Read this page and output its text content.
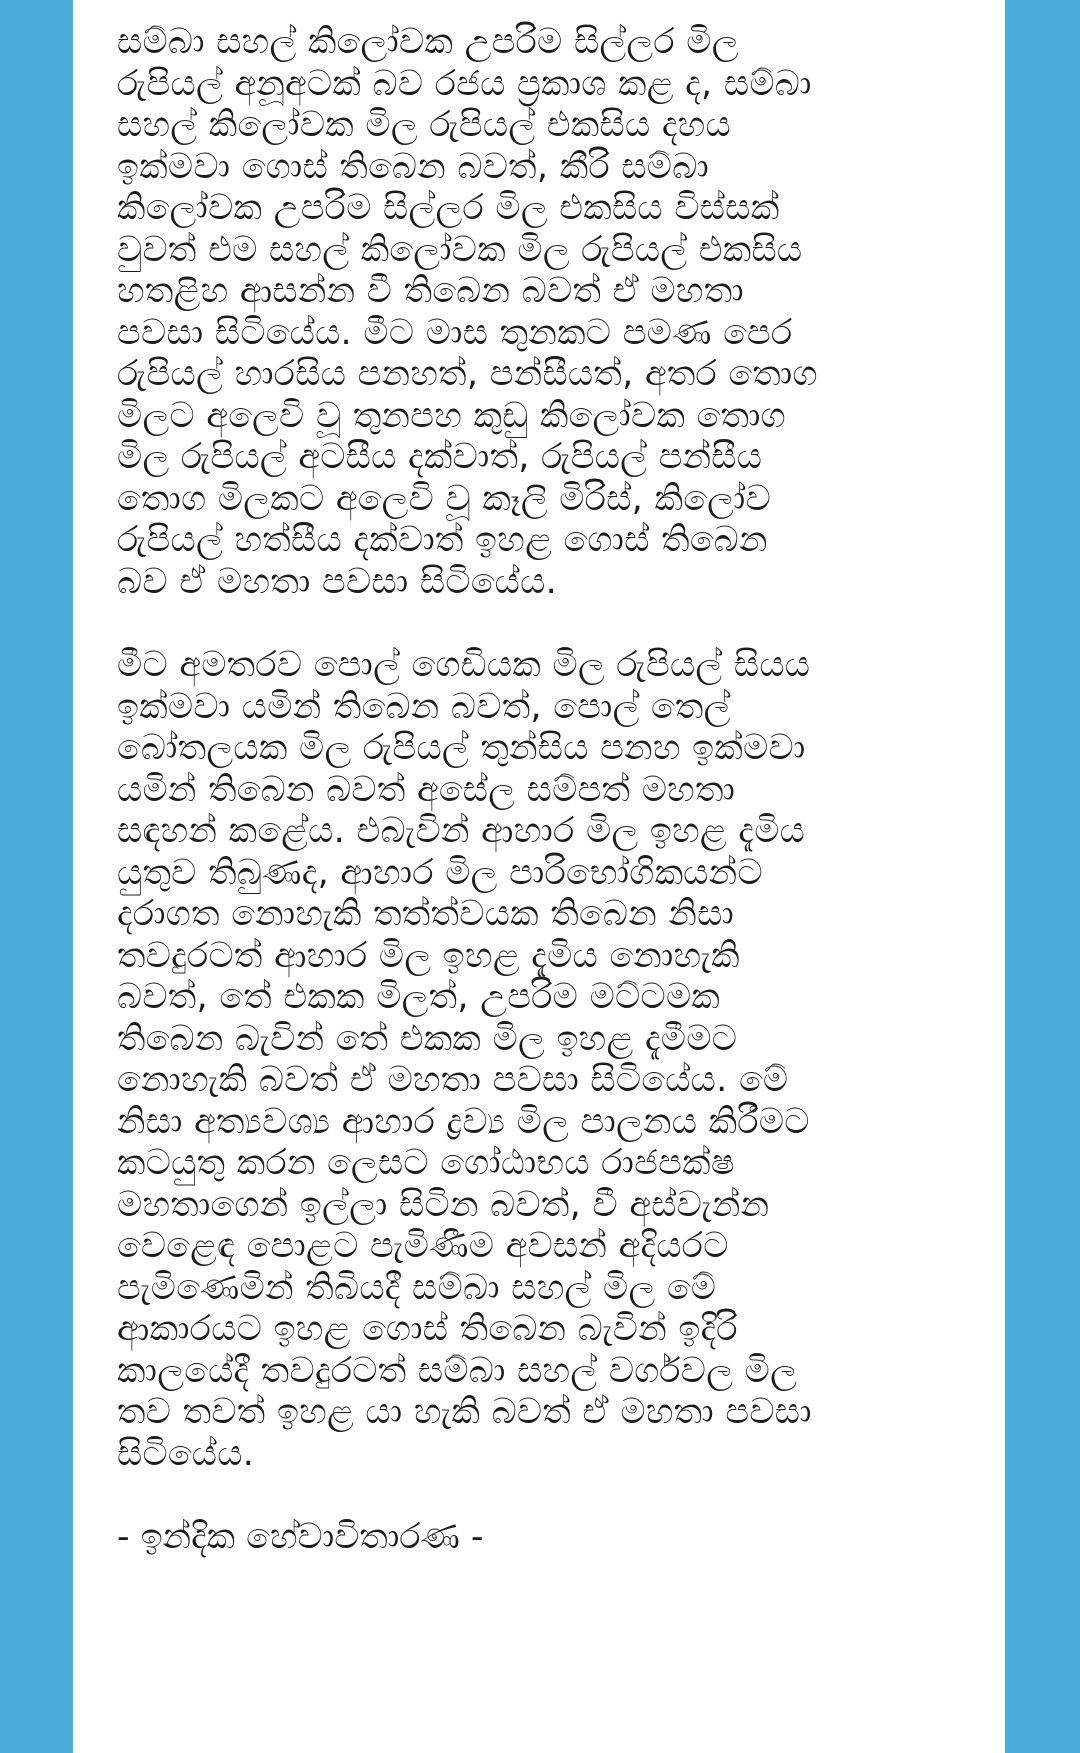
සම්බා සහල් කිලෝවක උපරිම සිල්ලර මිල
රුපියල් අනූඅටක් බව රජය ප්‍රකාශ කළ ද, සම්බා
සහල් කිලෝවක මිල රුපියල් එකසිය දහය
ඉක්මවා ගොස් තිබෙන බවත්, කීරි සම්බා
කිලෝවක උපරිම සිල්ලර මිල එකසිය විස්සක්
වුවත් එම සහල් කිලෝවක මිල රුපියල් එකසිය
හතළිහ ආසන්න වී තිබෙන බවත් ඒ මහතා
පවසා සිටියේය. මීට මාස තුනකට පමණ පෙර
රුපියල් හාරසිය පනහත්, පන්සීයත්, අතර තොග
මිලට අලෙවි වූ තුනපහ කුඩු කිලෝවක තොග
මිල රුපියල් අටසීය දක්වාත්, රුපියල් පන්සීය
තොග මිලකට අලෙවි වූ කෑලි මිරිස්, කිලෝව
රුපියල් හත්සීය දක්වාත් ඉහළ ගොස් තිබෙන
බව ඒ මහතා පවසා සිටියේය.

මීට අමතරව පොල් ගෙඩියක මිල රුපියල් සියය
ඉක්මවා යමින් තිබෙන බවත්, පොල් තෙල්
බෝතලයක මිල රුපියල් තුන්සිය පනහ ඉක්මවා
යමින් තිබෙන බවත් අසේල සම්පත් මහතා
සඳහන් කළේය. එබැවින් ආහාර මිල ඉහළ දැමිය
යුතුව තිබුණද, ආහාර මිල පාරිභෝගිකයන්ට
දරාගත නොහැකි තත්ත්වයක තිබෙන නිසා
තවදුරටත් ආහාර මිල ඉහළ දැමිය නොහැකි
බවත්, තේ එකක මිලත්, උපරිම මට්ටමක
තිබෙන බැවින් තේ එකක මිල ඉහළ දැමීමට
නොහැකි බවත් ඒ මහතා පවසා සිටියේය. මේ
නිසා අත්‍යවශ්‍ය ආහාර ද්‍රව්‍ය මිල පාලනය කිරීමට
කටයුතු කරන ලෙසට ගෝඨාභය රාජපක්ෂ
මහතාගෙන් ඉල්ලා සිටින බවත්, වී අස්වැන්න
වෙළෙඳ පොළට පැමිණීම අවසන් අදියරට
පැමිණෙමින් තිබියදී සම්බා සහල් මිල මේ
ආකාරයට ඉහළ ගොස් තිබෙන බැවින් ඉදිරි
කාලයේදී තවදුරටත් සම්බා සහල් වර්ගවල මිල
තව තවත් ඉහළ යා හැකි බවත් ඒ මහතා පවසා
සිටියේය.

- ඉන්දික හේවාවිතාරණ -
